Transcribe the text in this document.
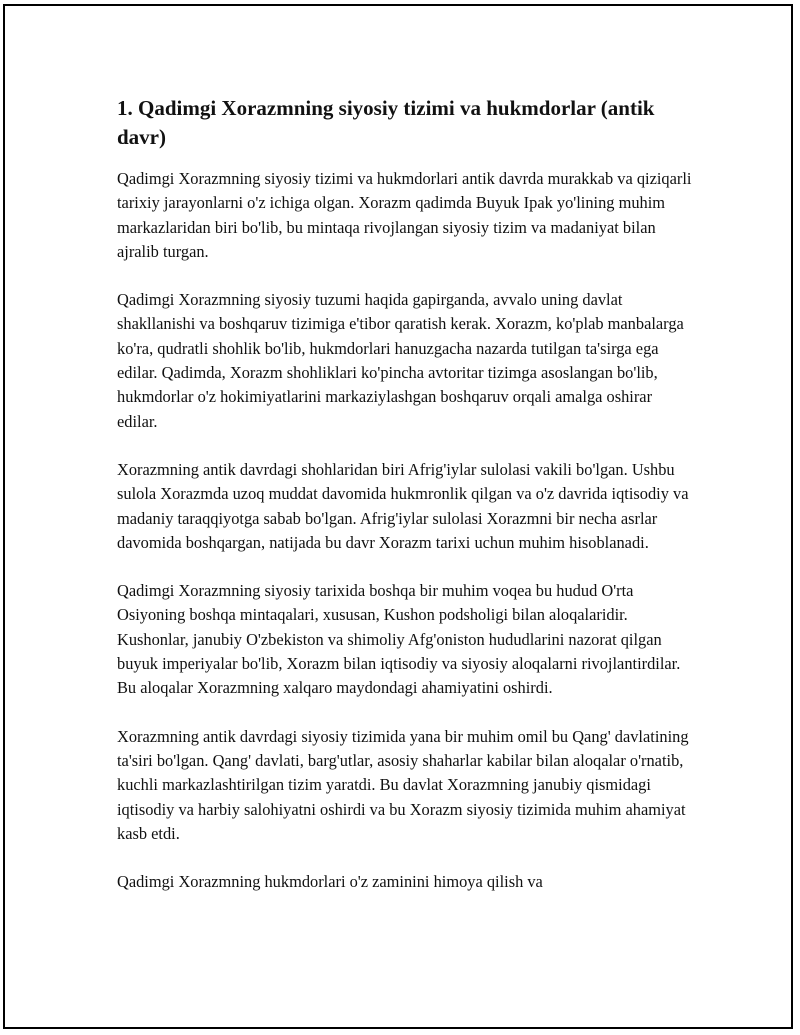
1. Qadimgi Xorazmning siyosiy tizimi va hukmdorlar (antik davr)

Qadimgi Xorazmning siyosiy tizimi va hukmdorlari antik davrda murakkab va qiziqarli tarixiy jarayonlarni o'z ichiga olgan. Xorazm qadimda Buyuk Ipak yo'lining muhim markazlaridan biri bo'lib, bu mintaqa rivojlangan siyosiy tizim va madaniyat bilan ajralib turgan.

Qadimgi Xorazmning siyosiy tuzumi haqida gapirganda, avvalo uning davlat shakllanishi va boshqaruv tizimiga e'tibor qaratish kerak. Xorazm, ko'plab manbalarga ko'ra, qudratli shohlik bo'lib, hukmdorlari hanuzgacha nazarda tutilgan ta'sirga ega edilar. Qadimda, Xorazm shohliklari ko'pincha avtoritar tizimga asoslangan bo'lib, hukmdorlar o'z hokimiyatlarini markaziylashgan boshqaruv orqali amalga oshirar edilar.

Xorazmning antik davrdagi shohlaridan biri Afrig'iylar sulolasi vakili bo'lgan. Ushbu sulola Xorazmda uzoq muddat davomida hukmronlik qilgan va o'z davrida iqtisodiy va madaniy taraqqiyotga sabab bo'lgan. Afrig'iylar sulolasi Xorazmni bir necha asrlar davomida boshqargan, natijada bu davr Xorazm tarixi uchun muhim hisoblanadi.

Qadimgi Xorazmning siyosiy tarixida boshqa bir muhim voqea bu hudud O'rta Osiyoning boshqa mintaqalari, xususan, Kushon podsholigi bilan aloqalaridir. Kushonlar, janubiy O'zbekiston va shimoliy Afg'oniston hududlarini nazorat qilgan buyuk imperiyalar bo'lib, Xorazm bilan iqtisodiy va siyosiy aloqalarni rivojlantirdilar. Bu aloqalar Xorazmning xalqaro maydondagi ahamiyatini oshirdi.

Xorazmning antik davrdagi siyosiy tizimida yana bir muhim omil bu Qang' davlatining ta'siri bo'lgan. Qang' davlati, barg'utlar, asosiy shaharlar kabilar bilan aloqalar o'rnatib, kuchli markazlashtirilgan tizim yaratdi. Bu davlat Xorazmning janubiy qismidagi iqtisodiy va harbiy salohiyatni oshirdi va bu Xorazm siyosiy tizimida muhim ahamiyat kasb etdi.

Qadimgi Xorazmning hukmdorlari o'z zaminini himoya qilish va
